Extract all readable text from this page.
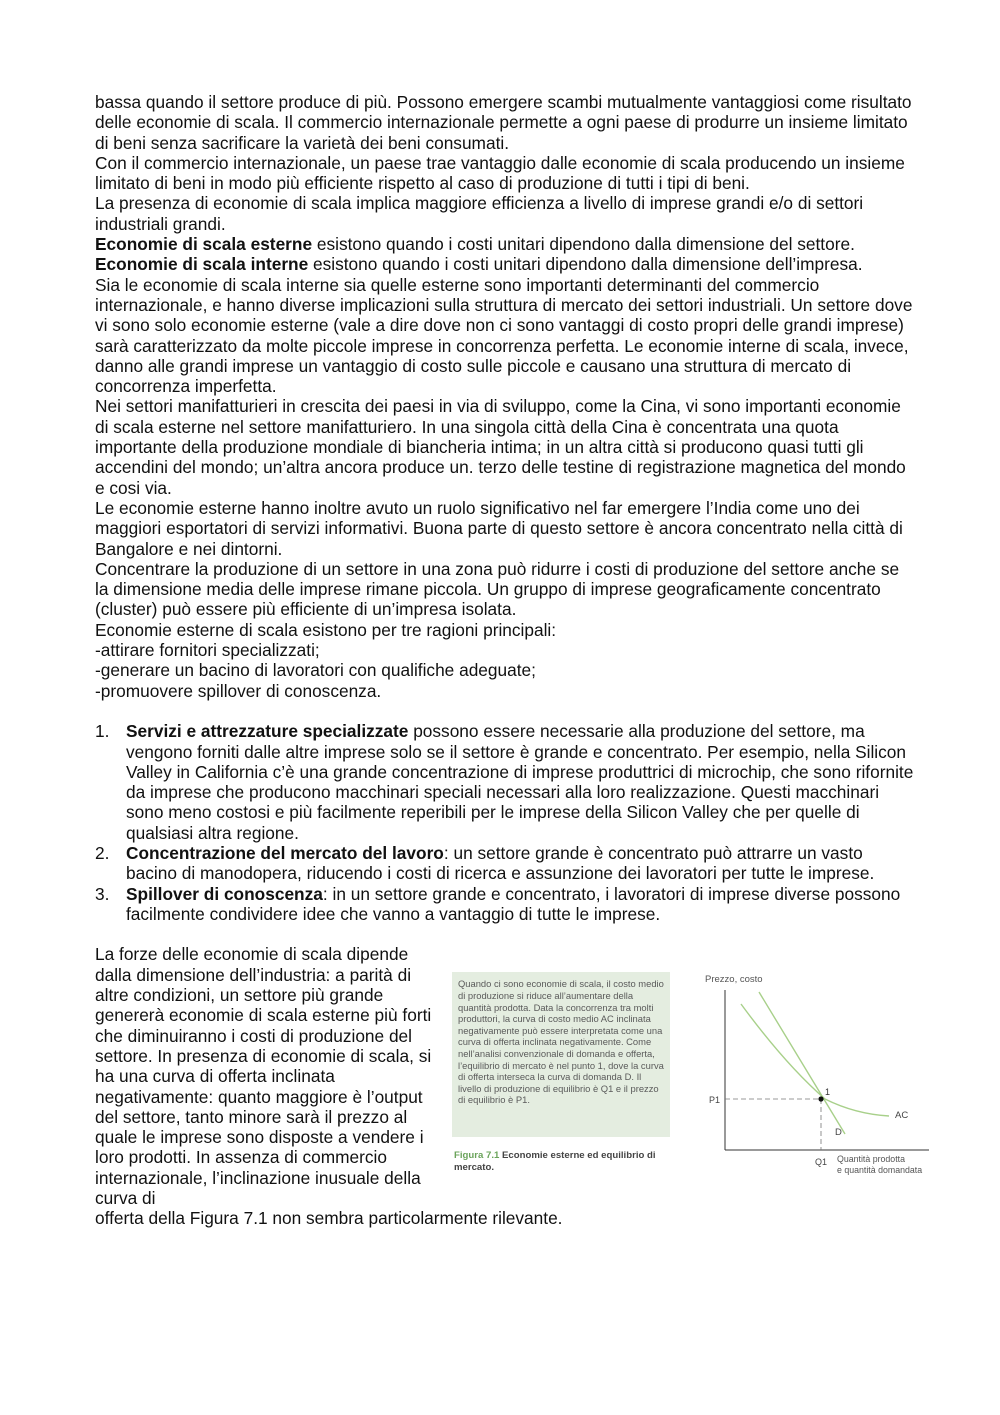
bassa quando il settore produce di più. Possono emergere scambi mutualmente vantaggiosi come risultato delle economie di scala. Il commercio internazionale permette a ogni paese di produrre un insieme limitato di beni senza sacrificare la varietà dei beni consumati.

Con il commercio internazionale, un paese trae vantaggio dalle economie di scala producendo un insieme limitato di beni in modo più efficiente rispetto al caso di produzione di tutti i tipi di beni.

La presenza di economie di scala implica maggiore efficienza a livello di imprese grandi e/o di settori industriali grandi.

Economie di scala esterne esistono quando i costi unitari dipendono dalla dimensione del settore.

Economie di scala interne esistono quando i costi unitari dipendono dalla dimensione dell’impresa.

Sia le economie di scala interne sia quelle esterne sono importanti determinanti del commercio internazionale, e hanno diverse implicazioni sulla struttura di mercato dei settori industriali. Un settore dove vi sono solo economie esterne (vale a dire dove non ci sono vantaggi di costo propri delle grandi imprese) sarà caratterizzato da molte piccole imprese in concorrenza perfetta. Le economie interne di scala, invece, danno alle grandi imprese un vantaggio di costo sulle piccole e causano una struttura di mercato di concorrenza imperfetta.

Nei settori manifatturieri in crescita dei paesi in via di sviluppo, come la Cina, vi sono importanti economie di scala esterne nel settore manifatturiero. In una singola città della Cina è concentrata una quota importante della produzione mondiale di biancheria intima; in un altra città si producono quasi tutti gli accendini del mondo; un’altra ancora produce un. terzo delle testine di registrazione magnetica del mondo e cosi via.

Le economie esterne hanno inoltre avuto un ruolo significativo nel far emergere l’India come uno dei maggiori esportatori di servizi informativi. Buona parte di questo settore è ancora concentrato nella città di Bangalore e nei dintorni.

Concentrare la produzione di un settore in una zona può ridurre i costi di produzione del settore anche se la dimensione media delle imprese rimane piccola. Un gruppo di imprese geograficamente concentrato (cluster) può essere più efficiente di un’impresa isolata.

Economie esterne di scala esistono per tre ragioni principali:

-attirare fornitori specializzati;

-generare un bacino di lavoratori con qualifiche adeguate;

-promuovere spillover di conoscenza.

1. Servizi e attrezzature specializzate possono essere necessarie alla produzione del settore, ma vengono forniti dalle altre imprese solo se il settore è grande e concentrato. Per esempio, nella Silicon Valley in California c’è una grande concentrazione di imprese produttrici di microchip, che sono rifornite da imprese che producono macchinari speciali necessari alla loro realizzazione. Questi macchinari sono meno costosi e più facilmente reperibili per le imprese della Silicon Valley che per quelle di qualsiasi altra regione.
2. Concentrazione del mercato del lavoro: un settore grande è concentrato può attrarre un vasto bacino di manodopera, riducendo i costi di ricerca e assunzione dei lavoratori per tutte le imprese.
3. Spillover di conoscenza: in un settore grande e concentrato, i lavoratori di imprese diverse possono facilmente condividere idee che vanno a vantaggio di tutte le imprese.

La forze delle economie di scala dipende dalla dimensione dell’industria: a parità di altre condizioni, un settore più grande genererà economie di scala esterne più forti che diminuiranno i costi di produzione del settore. In presenza di economie di scala, si ha una curva di offerta inclinata negativamente: quanto maggiore è l’output del settore, tanto minore sarà il prezzo al quale le imprese sono disposte a vendere i loro prodotti. In assenza di commercio internazionale, l’inclinazione inusuale della curva di

offerta della Figura 7.1 non sembra particolarmente rilevante.

Quando ci sono economie di scala, il costo medio di produzione si riduce all’aumentare della quantità prodotta. Data la concorrenza tra molti produttori, la curva di costo medio AC inclinata negativamente può essere interpretata come una curva di offerta inclinata negativamente. Come nell’analisi convenzionale di domanda e offerta, l’equilibrio di mercato è nel punto 1, dove la curva di offerta interseca la curva di domanda D. Il livello di produzione di equilibrio è Q1 e il prezzo di equilibrio è P1.
Figura 7.1 Economie esterne ed equilibrio di mercato.
Prezzo, costo
1
P1
Q1
AC
D
Quantità prodotta e quantità domandata
